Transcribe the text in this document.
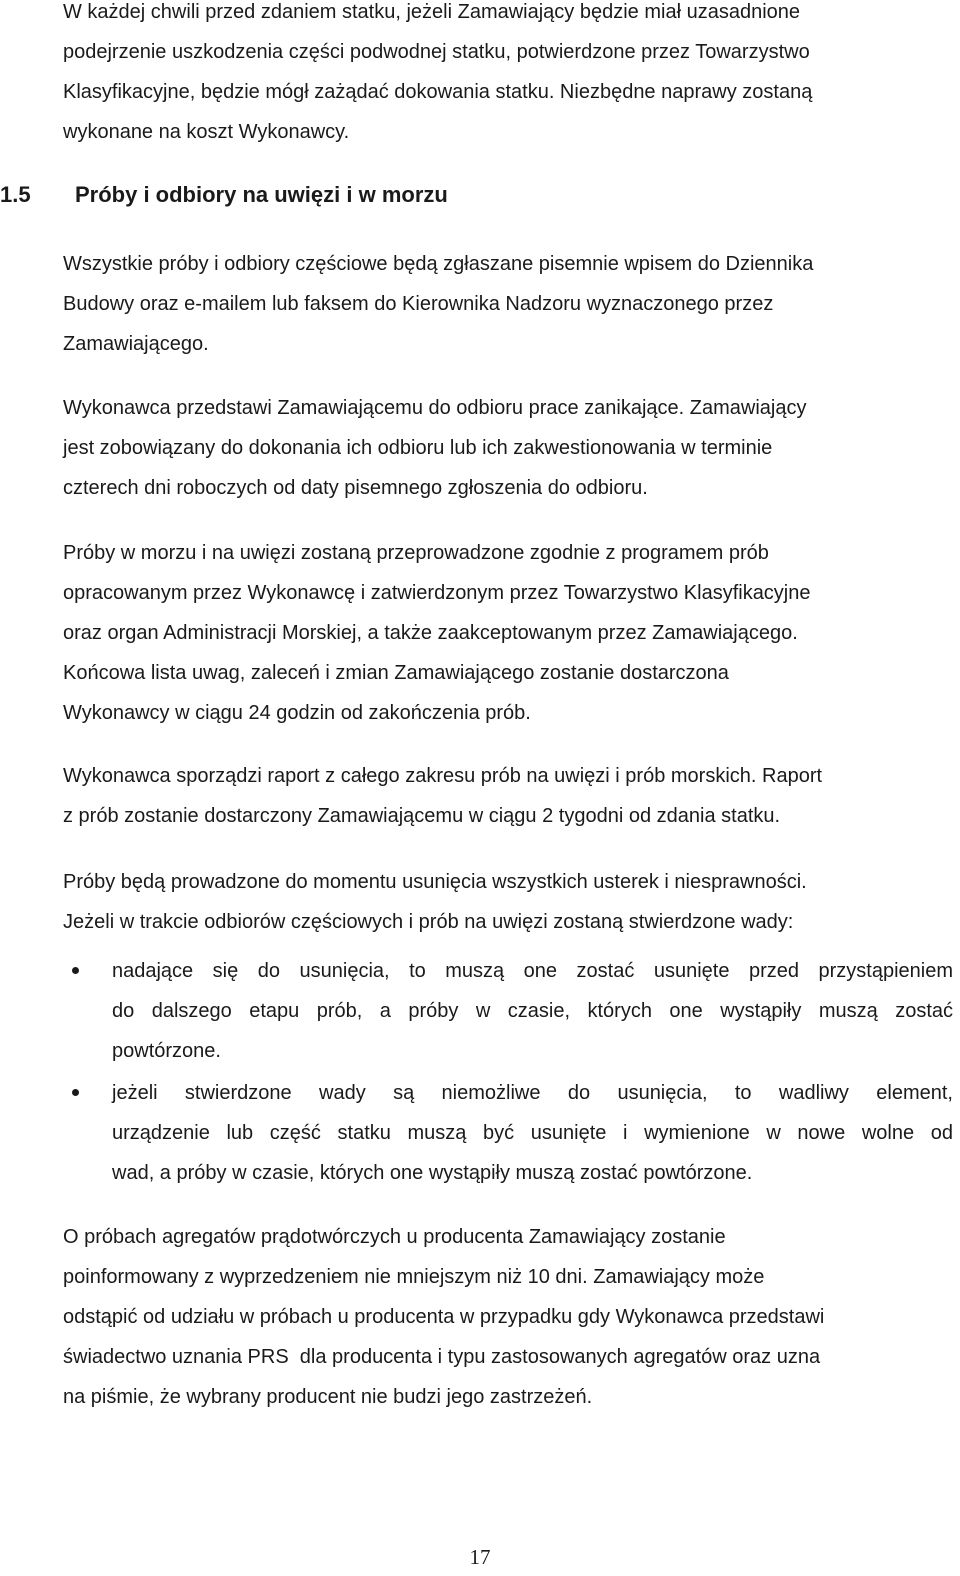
W każdej chwili przed zdaniem statku, jeżeli Zamawiający będzie miał uzasadnione
podejrzenie uszkodzenia części podwodnej statku, potwierdzone przez Towarzystwo
Klasyfikacyjne, będzie mógł zażądać dokowania statku. Niezbędne naprawy zostaną
wykonane na koszt Wykonawcy.
1.5 Próby i odbiory na uwięzi i w morzu
Wszystkie próby i odbiory częściowe będą zgłaszane pisemnie wpisem do Dziennika
Budowy oraz e-mailem lub faksem do Kierownika Nadzoru wyznaczonego przez
Zamawiającego.
Wykonawca przedstawi Zamawiającemu do odbioru prace zanikające. Zamawiający
jest zobowiązany do dokonania ich odbioru lub ich zakwestionowania w terminie
czterech dni roboczych od daty pisemnego zgłoszenia do odbioru.
Próby w morzu i na uwięzi zostaną przeprowadzone zgodnie z programem prób
opracowanym przez Wykonawcę i zatwierdzonym przez Towarzystwo Klasyfikacyjne
oraz organ Administracji Morskiej, a także zaakceptowanym przez Zamawiającego.
Końcowa lista uwag, zaleceń i zmian Zamawiającego zostanie dostarczona
Wykonawcy w ciągu 24 godzin od zakończenia prób.
Wykonawca sporządzi raport z całego zakresu prób na uwięzi i prób morskich. Raport
z prób zostanie dostarczony Zamawiającemu w ciągu 2 tygodni od zdania statku.
Próby będą prowadzone do momentu usunięcia wszystkich usterek i niesprawności.
Jeżeli w trakcie odbiorów częściowych i prób na uwięzi zostaną stwierdzone wady:
nadające się do usunięcia, to muszą one zostać usunięte przed przystąpieniem
do dalszego etapu prób, a próby w czasie, których one wystąpiły muszą zostać
powtórzone.
jeżeli stwierdzone wady są niemożliwe do usunięcia, to wadliwy element,
urządzenie lub część statku muszą być usunięte i wymienione w nowe wolne od
wad, a próby w czasie, których one wystąpiły muszą zostać powtórzone.
O próbach agregatów prądotwórczych u producenta Zamawiający zostanie
poinformowany z wyprzedzeniem nie mniejszym niż 10 dni. Zamawiający może
odstąpić od udziału w próbach u producenta w przypadku gdy Wykonawca przedstawi
świadectwo uznania PRS  dla producenta i typu zastosowanych agregatów oraz uzna
na piśmie, że wybrany producent nie budzi jego zastrzeżeń.
17
